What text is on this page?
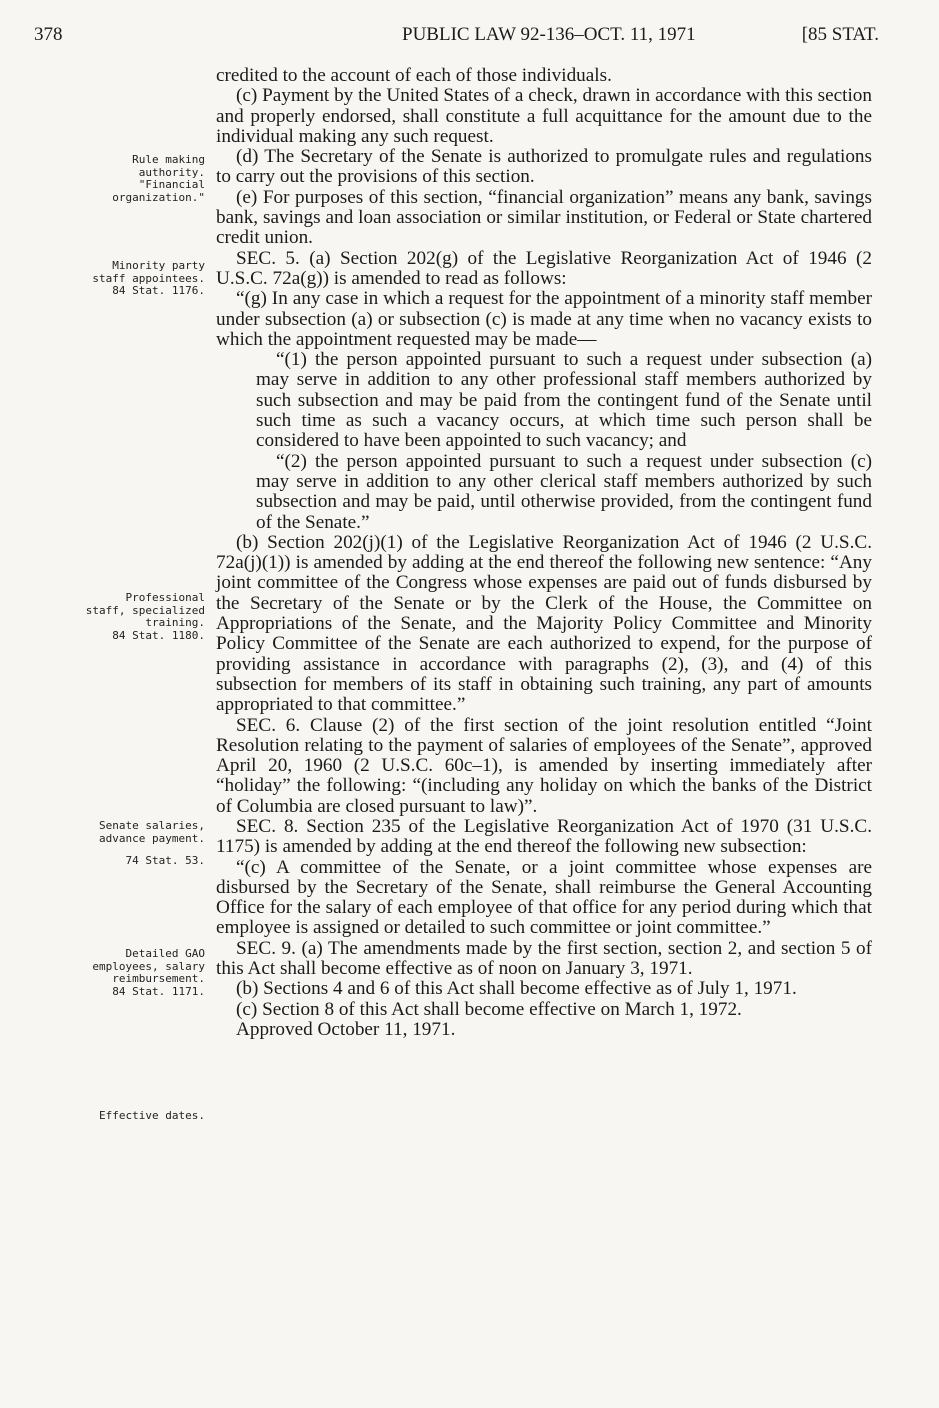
378	PUBLIC LAW 92-136–OCT. 11, 1971	[85 STAT.
Rule making
authority.
"Financial
organization."
Minority party
staff appointees.
84 Stat. 1176.
Professional
staff, specialized
training.
84 Stat. 1180.
Senate salaries,
advance payment.
74 Stat. 53.
Detailed GAO
employees, salary
reimbursement.
84 Stat. 1171.
Effective dates.

credited to the account of each of those individuals.

(c) Payment by the United States of a check, drawn in accordance with this section and properly endorsed, shall constitute a full acquittance for the amount due to the individual making any such request.

(d) The Secretary of the Senate is authorized to promulgate rules and regulations to carry out the provisions of this section.

(e) For purposes of this section, “financial organization” means any bank, savings bank, savings and loan association or similar institution, or Federal or State chartered credit union.

SEC. 5. (a) Section 202(g) of the Legislative Reorganization Act of 1946 (2 U.S.C. 72a(g)) is amended to read as follows:

“(g) In any case in which a request for the appointment of a minority staff member under subsection (a) or subsection (c) is made at any time when no vacancy exists to which the appointment requested may be made—

“(1) the person appointed pursuant to such a request under subsection (a) may serve in addition to any other professional staff members authorized by such subsection and may be paid from the contingent fund of the Senate until such time as such a vacancy occurs, at which time such person shall be considered to have been appointed to such vacancy; and

“(2) the person appointed pursuant to such a request under subsection (c) may serve in addition to any other clerical staff members authorized by such subsection and may be paid, until otherwise provided, from the contingent fund of the Senate.”

(b) Section 202(j)(1) of the Legislative Reorganization Act of 1946 (2 U.S.C. 72a(j)(1)) is amended by adding at the end thereof the following new sentence: “Any joint committee of the Congress whose expenses are paid out of funds disbursed by the Secretary of the Senate or by the Clerk of the House, the Committee on Appropriations of the Senate, and the Majority Policy Committee and Minority Policy Committee of the Senate are each authorized to expend, for the purpose of providing assistance in accordance with paragraphs (2), (3), and (4) of this subsection for members of its staff in obtaining such training, any part of amounts appropriated to that committee.”

SEC. 6. Clause (2) of the first section of the joint resolution entitled “Joint Resolution relating to the payment of salaries of employees of the Senate”, approved April 20, 1960 (2 U.S.C. 60c–1), is amended by inserting immediately after “holiday” the following: “(including any holiday on which the banks of the District of Columbia are closed pursuant to law)”.

SEC. 8. Section 235 of the Legislative Reorganization Act of 1970 (31 U.S.C. 1175) is amended by adding at the end thereof the following new subsection:

“(c) A committee of the Senate, or a joint committee whose expenses are disbursed by the Secretary of the Senate, shall reimburse the General Accounting Office for the salary of each employee of that office for any period during which that employee is assigned or detailed to such committee or joint committee.”

SEC. 9. (a) The amendments made by the first section, section 2, and section 5 of this Act shall become effective as of noon on January 3, 1971.

(b) Sections 4 and 6 of this Act shall become effective as of July 1, 1971.

(c) Section 8 of this Act shall become effective on March 1, 1972.

Approved October 11, 1971.
